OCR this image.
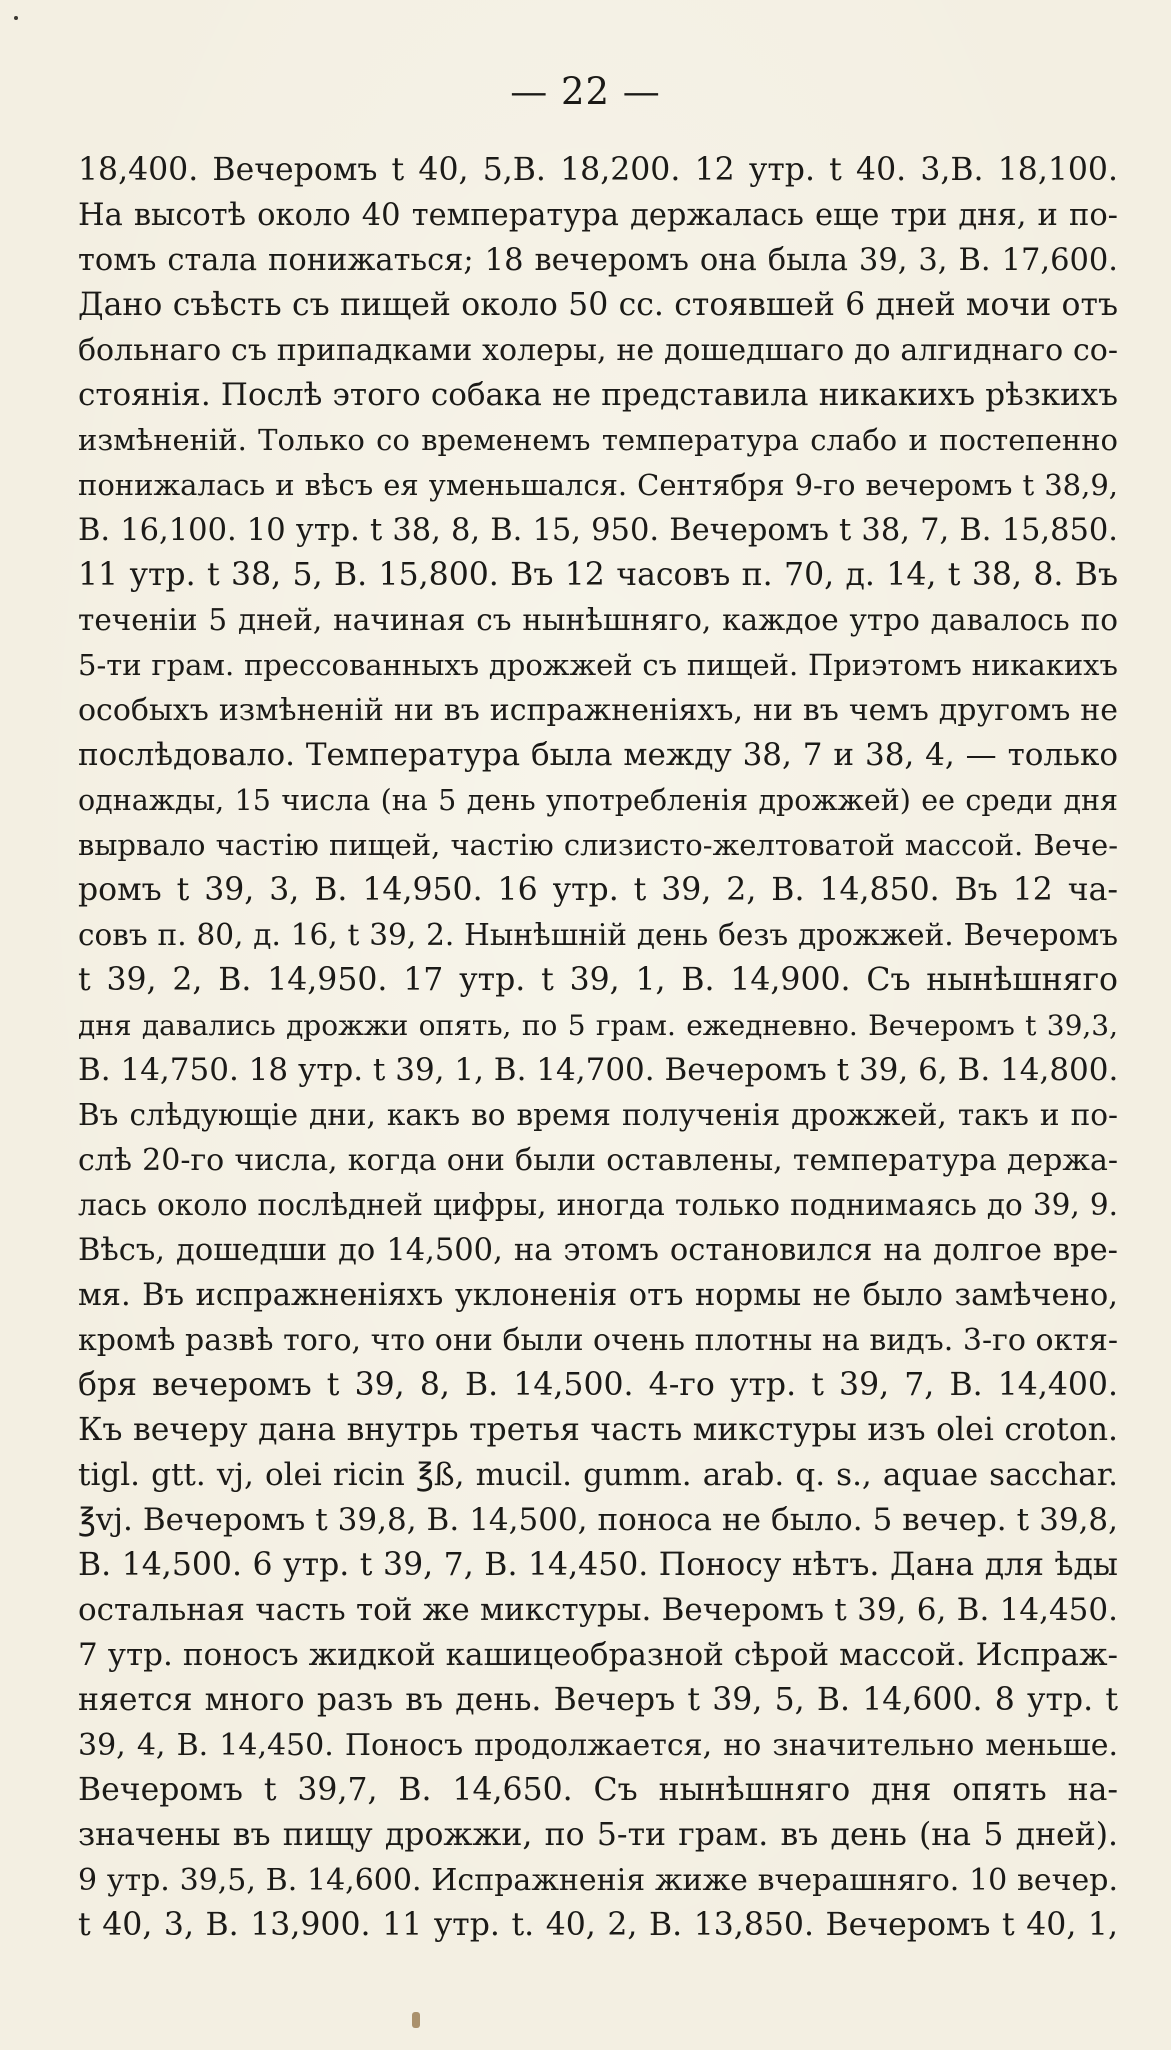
— 22 —
18,400. Вечеромъ t 40, 5,В. 18,200. 12 утр. t 40. 3,В. 18,100.
На высотѣ около 40 температура держалась еще три дня, и по-
томъ стала понижаться; 18 вечеромъ она была 39, 3, В. 17,600.
Дано съѣсть съ пищей около 50 сс. стоявшей 6 дней мочи отъ
больнаго съ припадками холеры, не дошедшаго до алгиднаго со-
стоянія. Послѣ этого собака не представила никакихъ рѣзкихъ
измѣненій. Только со временемъ температура слабо и постепенно
понижалась и вѣсъ ея уменьшался. Сентября 9-го вечеромъ t 38,9,
В. 16,100. 10 утр. t 38, 8, В. 15, 950. Вечеромъ t 38, 7, В. 15,850.
11 утр. t 38, 5, В. 15,800. Въ 12 часовъ п. 70, д. 14, t 38, 8. Въ
теченіи 5 дней, начиная съ нынѣшняго, каждое утро давалось по
5-ти грам. прессованныхъ дрожжей съ пищей. Приэтомъ никакихъ
особыхъ измѣненій ни въ испражненіяхъ, ни въ чемъ другомъ не
послѣдовало. Температура была между 38, 7 и 38, 4, — только
однажды, 15 числа (на 5 день употребленія дрожжей) ее среди дня
вырвало частію пищей, частію слизисто-желтоватой массой. Вече-
ромъ t 39, 3, В. 14,950. 16 утр. t 39, 2, В. 14,850. Въ 12 ча-
совъ п. 80, д. 16, t 39, 2. Нынѣшній день безъ дрожжей. Вечеромъ
t 39, 2, В. 14,950. 17 утр. t 39, 1, В. 14,900. Съ нынѣшняго
дня давались дрожжи опять, по 5 грам. ежедневно. Вечеромъ t 39,3,
В. 14,750. 18 утр. t 39, 1, В. 14,700. Вечеромъ t 39, 6, В. 14,800.
Въ слѣдующіе дни, какъ во время полученія дрожжей, такъ и по-
слѣ 20-го числа, когда они были оставлены, температура держа-
лась около послѣдней цифры, иногда только поднимаясь до 39, 9.
Вѣсъ, дошедши до 14,500, на этомъ остановился на долгое вре-
мя. Въ испражненіяхъ уклоненія отъ нормы не было замѣчено,
кромѣ развѣ того, что они были очень плотны на видъ. 3-го октя-
бря вечеромъ t 39, 8, В. 14,500. 4-го утр. t 39, 7, В. 14,400.
Къ вечеру дана внутрь третья часть микстуры изъ olei croton.
tigl. gtt. vj, olei ricin ℥ß, mucil. gumm. arab. q. s., aquae sacchar.
℥vj. Вечеромъ t 39,8, В. 14,500, поноса не было. 5 вечер. t 39,8,
В. 14,500. 6 утр. t 39, 7, В. 14,450. Поносу нѣтъ. Дана для ѣды
остальная часть той же микстуры. Вечеромъ t 39, 6, В. 14,450.
7 утр. поносъ жидкой кашицеобразной сѣрой массой. Испраж-
няется много разъ въ день. Вечеръ t 39, 5, В. 14,600. 8 утр. t
39, 4, В. 14,450. Поносъ продолжается, но значительно меньше.
Вечеромъ t 39,7, В. 14,650. Съ нынѣшняго дня опять на-
значены въ пищу дрожжи, по 5-ти грам. въ день (на 5 дней).
9 утр. 39,5, В. 14,600. Испражненія жиже вчерашняго. 10 вечер.
t 40, 3, В. 13,900. 11 утр. t. 40, 2, В. 13,850. Вечеромъ t 40, 1,
